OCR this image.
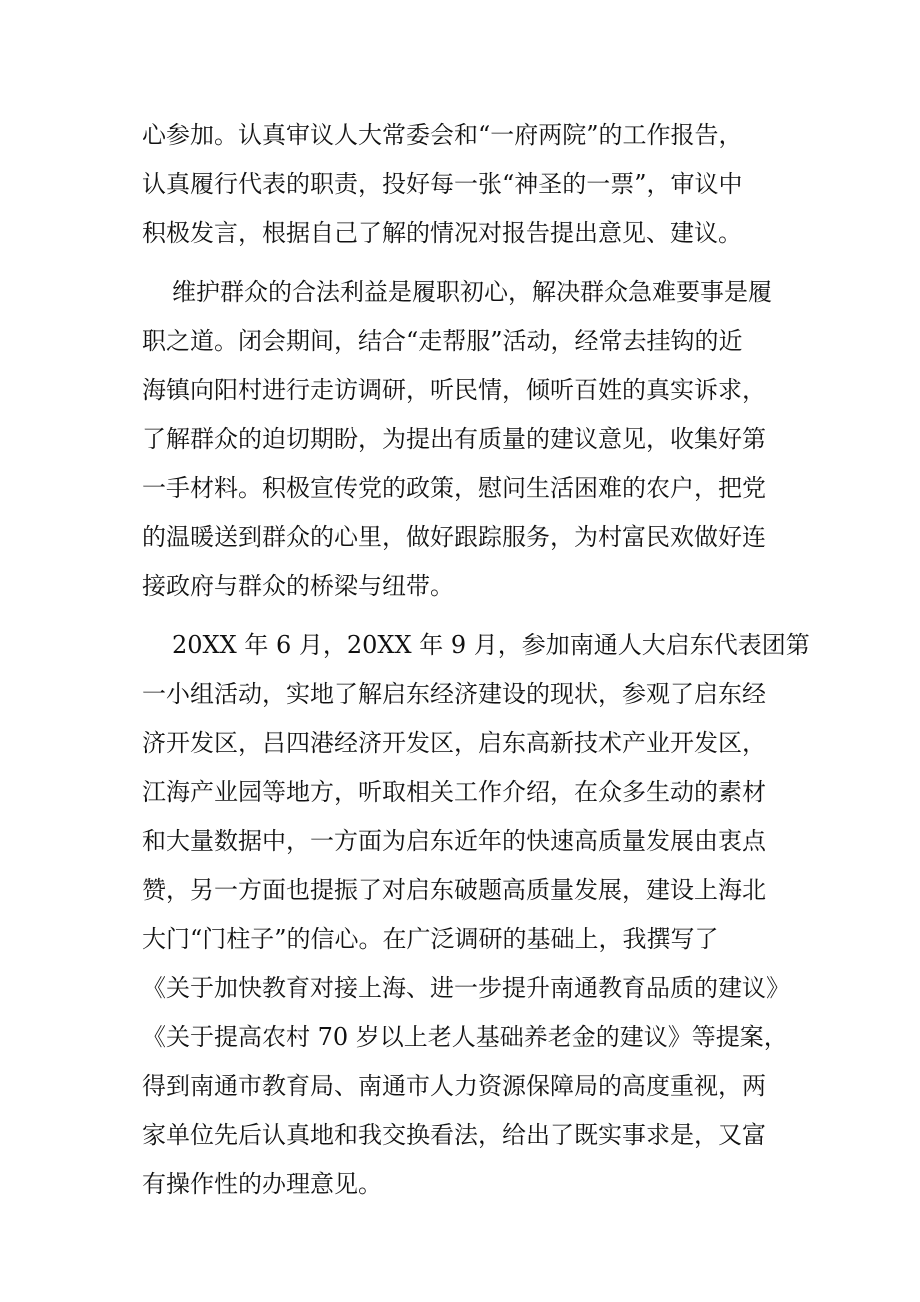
心参加。认真审议人大常委会和“一府两院”的工作报告，
认真履行代表的职责，投好每一张“神圣的一票”，审议中
积极发言，根据自己了解的情况对报告提出意见、建议。
维护群众的合法利益是履职初心，解决群众急难要事是履
职之道。闭会期间，结合“走帮服”活动，经常去挂钩的近
海镇向阳村进行走访调研，听民情，倾听百姓的真实诉求，
了解群众的迫切期盼，为提出有质量的建议意见，收集好第
一手材料。积极宣传党的政策，慰问生活困难的农户，把党
的温暖送到群众的心里，做好跟踪服务，为村富民欢做好连
接政府与群众的桥梁与纽带。
20XX 年 6 月，20XX 年 9 月，参加南通人大启东代表团第
一小组活动，实地了解启东经济建设的现状，参观了启东经
济开发区，吕四港经济开发区，启东高新技术产业开发区，
江海产业园等地方，听取相关工作介绍，在众多生动的素材
和大量数据中，一方面为启东近年的快速高质量发展由衷点
赞，另一方面也提振了对启东破题高质量发展，建设上海北
大门“门柱子”的信心。在广泛调研的基础上，我撰写了
《关于加快教育对接上海、进一步提升南通教育品质的建议》
《关于提高农村 70 岁以上老人基础养老金的建议》等提案，
得到南通市教育局、南通市人力资源保障局的高度重视，两
家单位先后认真地和我交换看法，给出了既实事求是，又富
有操作性的办理意见。
